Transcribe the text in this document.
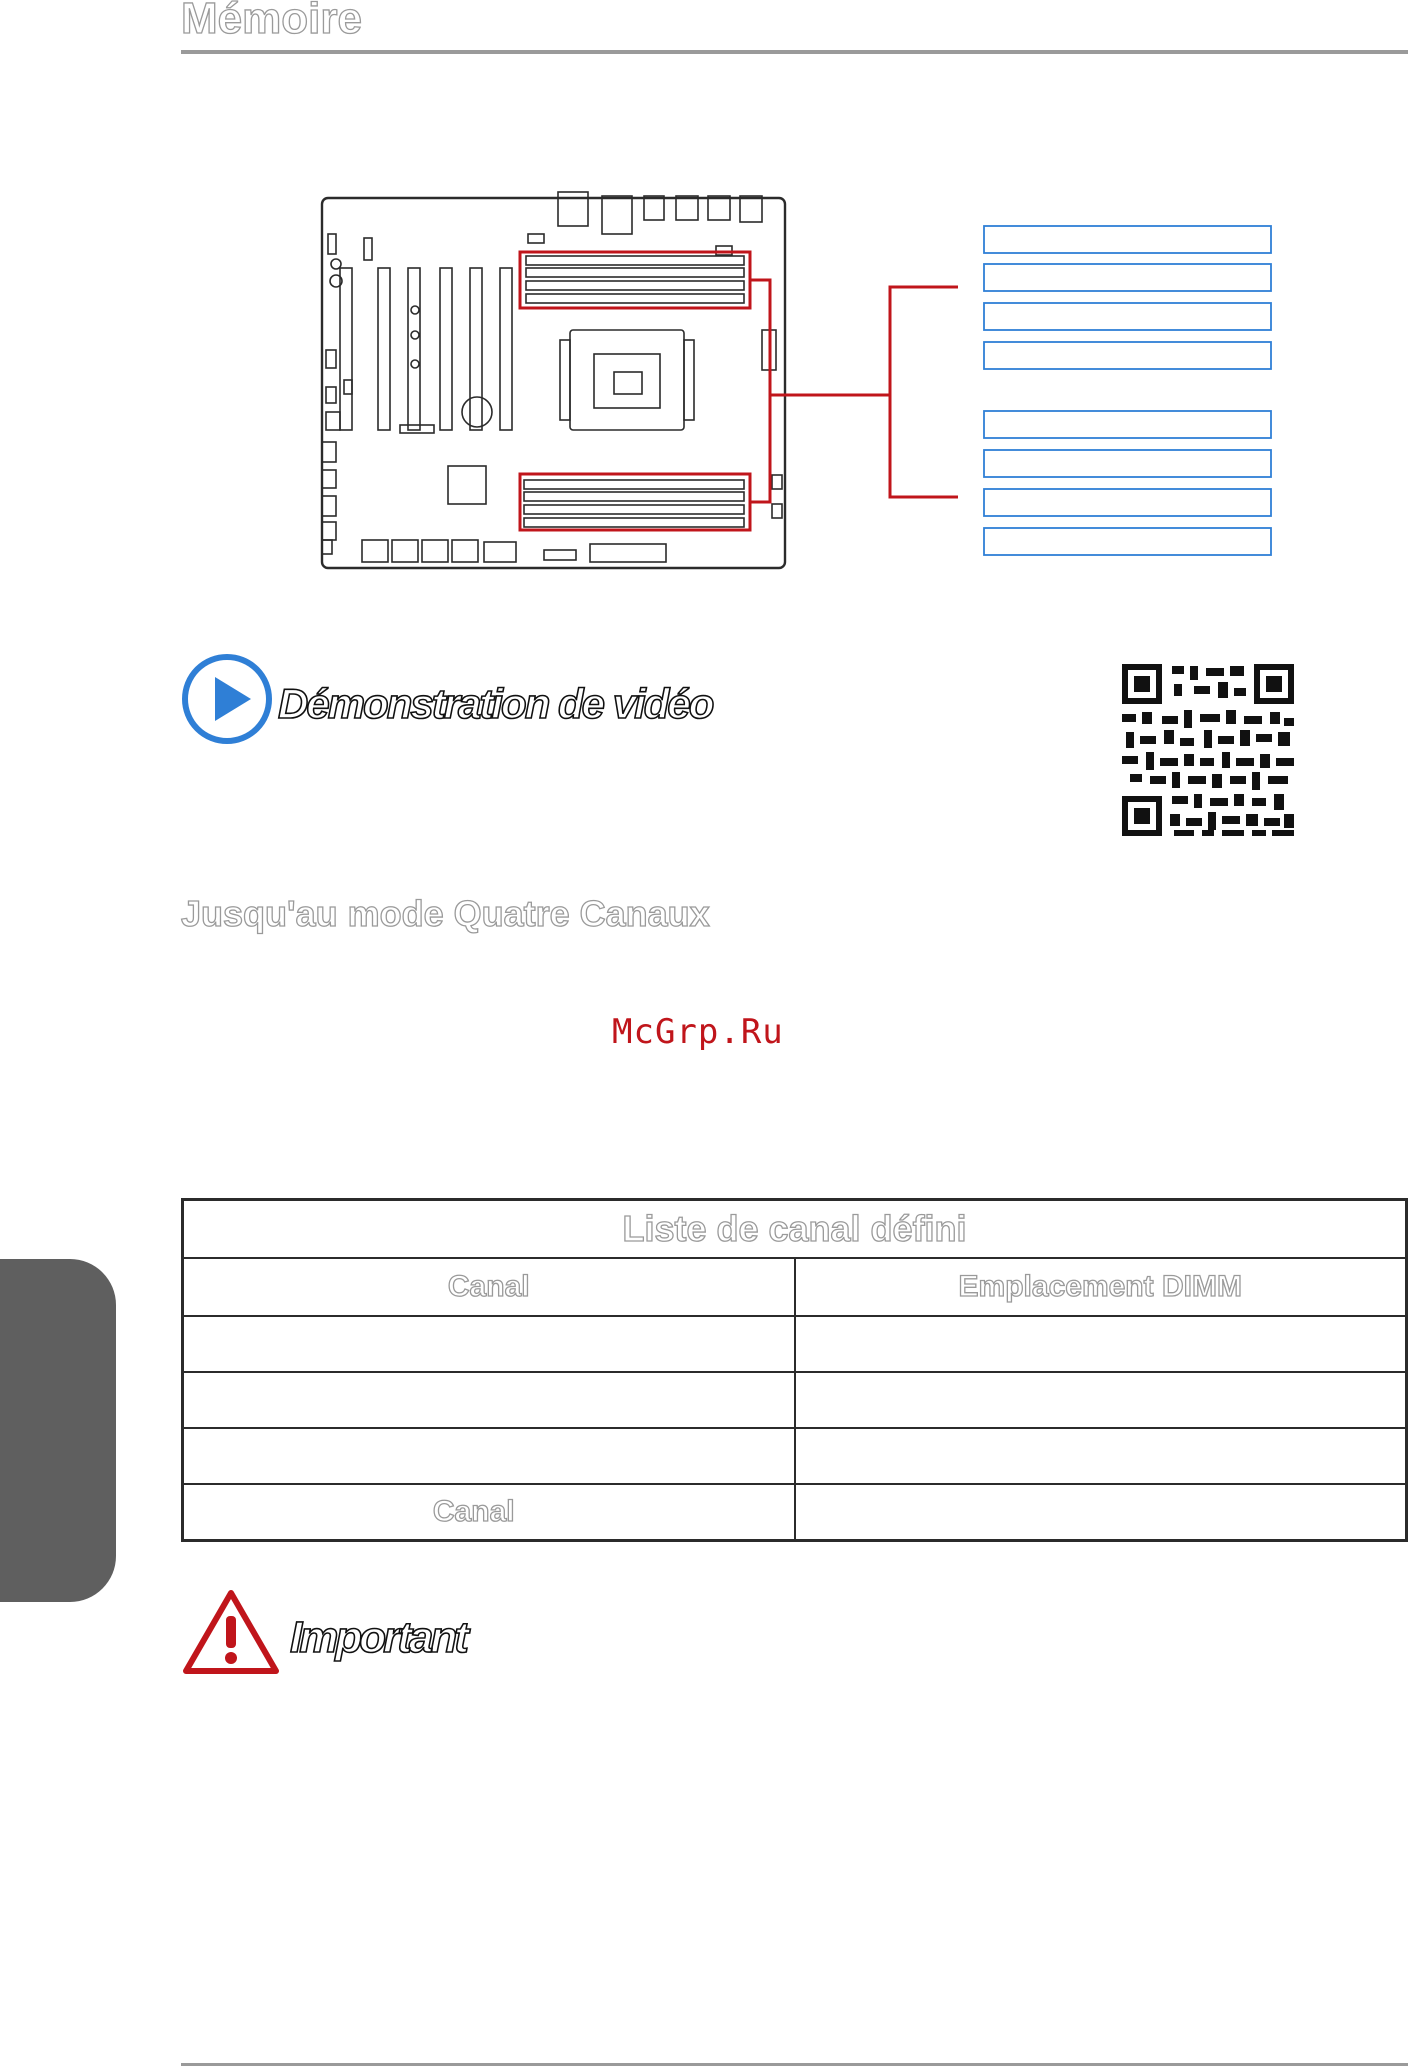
Mémoire
Démonstration de vidéo
Jusqu'au mode Quatre Canaux
McGrp.Ru
Liste de canal défini	
Canal	Emplacement DIMM

Canal	
Important
